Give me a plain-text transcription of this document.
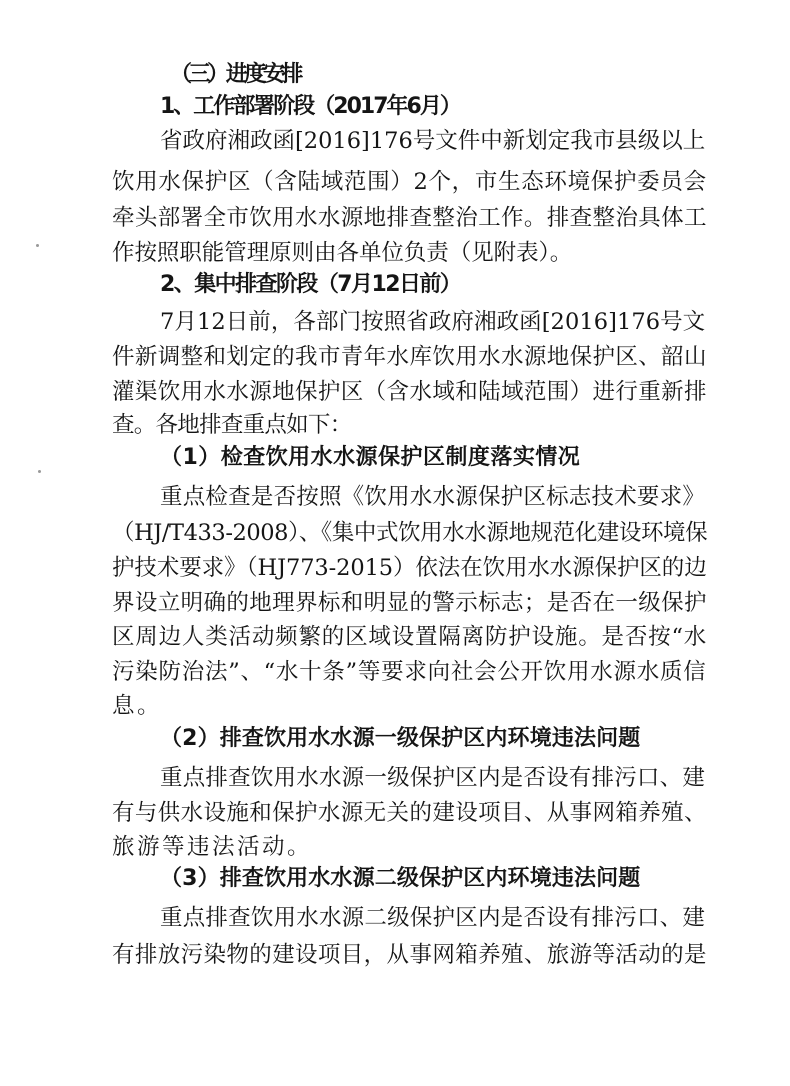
（三）进度安排
1、工作部署阶段（2017年6月）
省政府湘政函[2016]176号文件中新划定我市县级以上
饮用水保护区（含陆域范围）2个，市生态环境保护委员会
牵头部署全市饮用水水源地排查整治工作。排查整治具体工
作按照职能管理原则由各单位负责（见附表）。
2、集中排查阶段（7月12日前）
7月12日前，各部门按照省政府湘政函[2016]176号文
件新调整和划定的我市青年水库饮用水水源地保护区、韶山
灌渠饮用水水源地保护区（含水域和陆域范围）进行重新排
查。各地排查重点如下：
（1）检查饮用水水源保护区制度落实情况
重点检查是否按照《饮用水水源保护区标志技术要求》
（HJ/T433-2008）、《集中式饮用水水源地规范化建设环境保
护技术要求》（HJ773-2015）依法在饮用水水源保护区的边
界设立明确的地理界标和明显的警示标志；是否在一级保护
区周边人类活动频繁的区域设置隔离防护设施。是否按“水
污染防治法”、“水十条”等要求向社会公开饮用水源水质信
息。
（2）排查饮用水水源一级保护区内环境违法问题
重点排查饮用水水源一级保护区内是否设有排污口、建
有与供水设施和保护水源无关的建设项目、从事网箱养殖、
旅游等违法活动。
（3）排查饮用水水源二级保护区内环境违法问题
重点排查饮用水水源二级保护区内是否设有排污口、建
有排放污染物的建设项目，从事网箱养殖、旅游等活动的是
